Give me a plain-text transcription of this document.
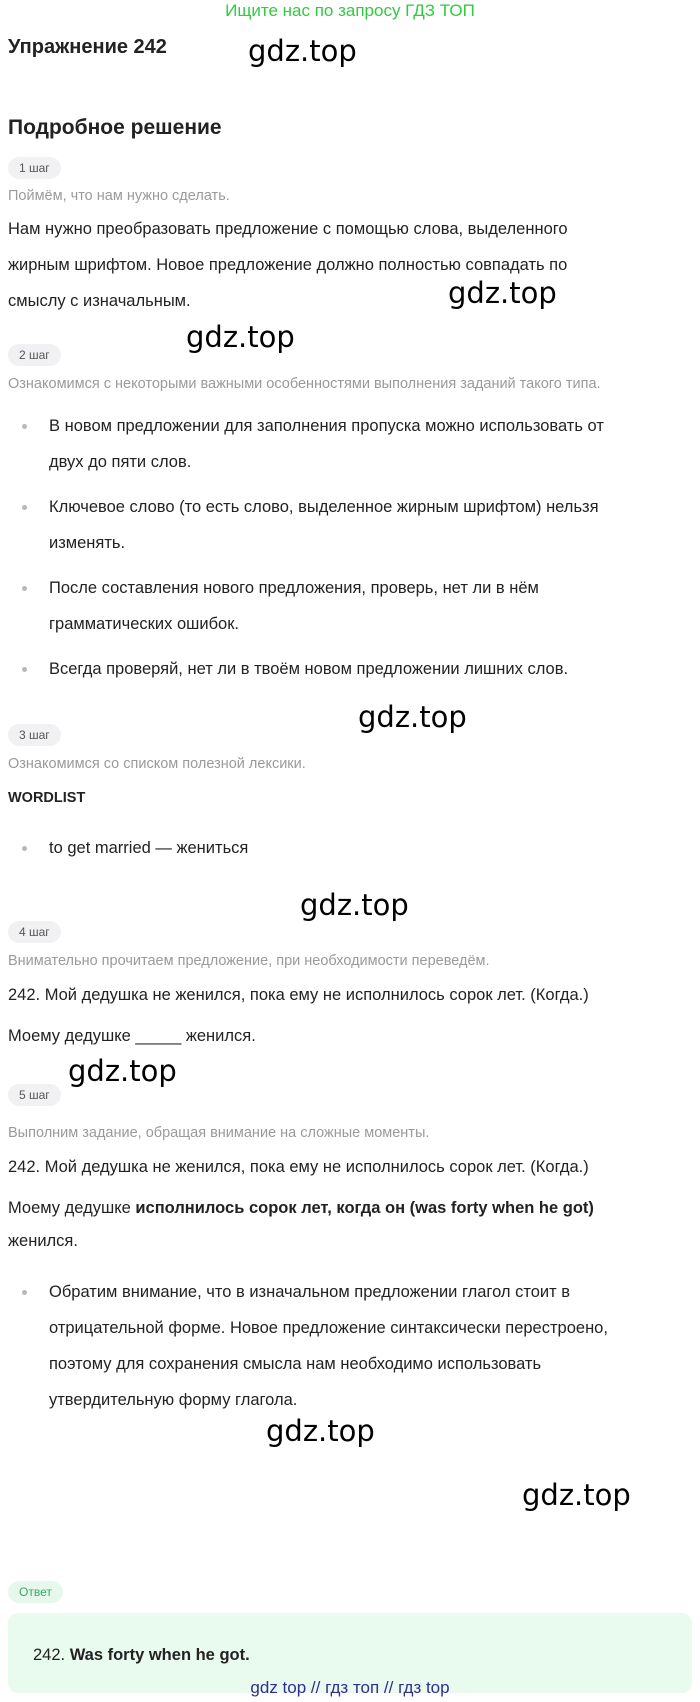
Ищите нас по запросу ГДЗ ТОП
Упражнение 242	gdz.top
Подробное решение
1 шаг
Поймём, что нам нужно сделать.
Нам нужно преобразовать предложение с помощью слова, выделенного жирным шрифтом. Новое предложение должно полностью совпадать по смыслу с изначальным.	gdz.top
gdz.top
2 шаг
Ознакомимся с некоторыми важными особенностями выполнения заданий такого типа.
В новом предложении для заполнения пропуска можно использовать от двух до пяти слов.
Ключевое слово (то есть слово, выделенное жирным шрифтом) нельзя изменять.
После составления нового предложения, проверь, нет ли в нём грамматических ошибок.
Всегда проверяй, нет ли в твоём новом предложении лишних слов.
gdz.top
3 шаг
Ознакомимся со списком полезной лексики.
WORDLIST
to get married — жениться
gdz.top
4 шаг
Внимательно прочитаем предложение, при необходимости переведём.
242. Мой дедушка не женился, пока ему не исполнилось сорок лет. (Когда.)
Моему дедушке _____ женился.
gdz.top
5 шаг
Выполним задание, обращая внимание на сложные моменты.
242. Мой дедушка не женился, пока ему не исполнилось сорок лет. (Когда.)
Моему дедушке исполнилось сорок лет, когда он (was forty when he got)
женился.
Обратим внимание, что в изначальном предложении глагол стоит в отрицательной форме. Новое предложение синтаксически перестроено, поэтому для сохранения смысла нам необходимо использовать утвердительную форму глагола.
gdz.top
Ответ
gdz.top
242. Was forty when he got.
gdz top // гдз топ // гдз top
